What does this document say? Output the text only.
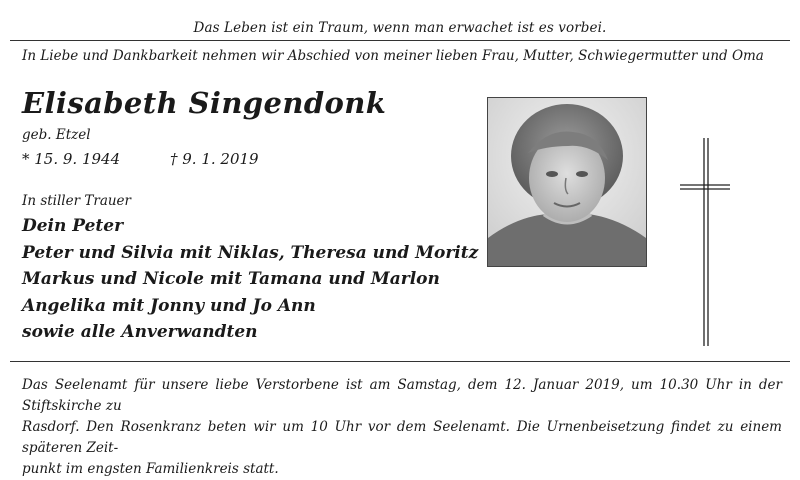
Das Leben ist ein Traum, wenn man erwachet ist es vorbei.
In Liebe und Dankbarkeit nehmen wir Abschied von meiner lieben Frau, Mutter, Schwiegermutter und Oma
Elisabeth Singendonk
geb. Etzel
* 15. 9. 1944	† 9. 1. 2019
In stiller Trauer
Dein Peter
Peter und Silvia mit Niklas, Theresa und Moritz
Markus und Nicole mit Tamana und Marlon
Angelika mit Jonny und Jo Ann
sowie alle Anverwandten
Das Seelenamt für unsere liebe Verstorbene ist am Samstag, dem 12. Januar 2019, um 10.30 Uhr in der Stiftskirche zu
Rasdorf. Den Rosenkranz beten wir um 10 Uhr vor dem Seelenamt. Die Urnenbeisetzung findet zu einem späteren Zeit-
punkt im engsten Familienkreis statt.
